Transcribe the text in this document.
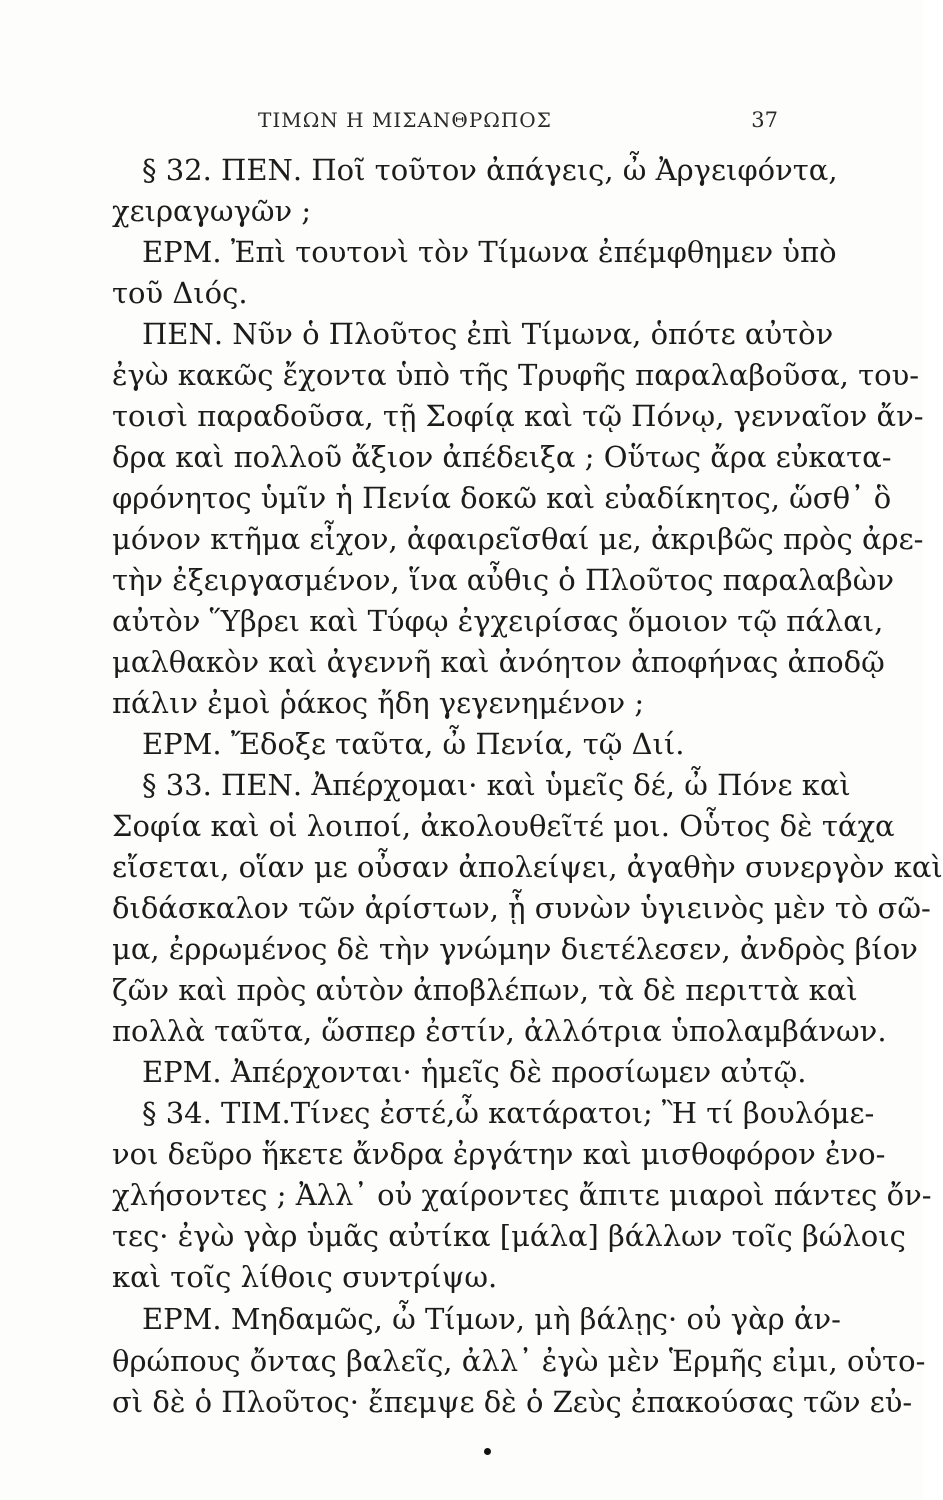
ΤΙΜΩΝ Η ΜΙΣΑΝΘΡΩΠΟΣ	37
§ 32. ΠΕΝ. Ποῖ τοῦτον ἀπάγεις, ὦ Ἀργειφόντα,
χειραγωγῶν ;
ΕΡΜ. Ἐπὶ τουτονὶ τὸν Τίμωνα ἐπέμφθημεν ὑπὸ
τοῦ Διός.
ΠΕΝ. Νῦν ὁ Πλοῦτος ἐπὶ Τίμωνα, ὁπότε αὐτὸν
ἐγὼ κακῶς ἔχοντα ὑπὸ τῆς Τρυφῆς παραλαβοῦσα, του-
τοισὶ παραδοῦσα, τῇ Σοφίᾳ καὶ τῷ Πόνῳ, γενναῖον ἄν-
δρα καὶ πολλοῦ ἄξιον ἀπέδειξα ; Οὕτως ἄρα εὐκατα-
φρόνητος ὑμῖν ἡ Πενία δοκῶ καὶ εὐαδίκητος, ὥσθ᾽ ὃ
μόνον κτῆμα εἶχον, ἀφαιρεῖσθαί με, ἀκριβῶς πρὸς ἀρε-
τὴν ἐξειργασμένον, ἵνα αὖθις ὁ Πλοῦτος παραλαβὼν
αὐτὸν Ὕβρει καὶ Τύφῳ ἐγχειρίσας ὅμοιον τῷ πάλαι,
μαλθακὸν καὶ ἀγεννῆ καὶ ἀνόητον ἀποφήνας ἀποδῷ
πάλιν ἐμοὶ ῥάκος ἤδη γεγενημένον ;
ΕΡΜ. Ἔδοξε ταῦτα, ὦ Πενία, τῷ Διί.
§ 33. ΠΕΝ. Ἀπέρχομαι· καὶ ὑμεῖς δέ, ὦ Πόνε καὶ
Σοφία καὶ οἱ λοιποί, ἀκολουθεῖτέ μοι. Οὗτος δὲ τάχα
εἴσεται, οἵαν με οὖσαν ἀπολείψει, ἀγαθὴν συνεργὸν καὶ
διδάσκαλον τῶν ἀρίστων, ᾗ συνὼν ὑγιεινὸς μὲν τὸ σῶ-
μα, ἐρρωμένος δὲ τὴν γνώμην διετέλεσεν, ἀνδρὸς βίον
ζῶν καὶ πρὸς αὑτὸν ἀποβλέπων, τὰ δὲ περιττὰ καὶ
πολλὰ ταῦτα, ὥσπερ ἐστίν, ἀλλότρια ὑπολαμβάνων.
ΕΡΜ. Ἀπέρχονται· ἡμεῖς δὲ προσίωμεν αὐτῷ.
§ 34. ΤΙΜ.Τίνες ἐστέ,ὦ κατάρατοι; Ἢ τί βουλόμε-
νοι δεῦρο ἥκετε ἄνδρα ἐργάτην καὶ μισθοφόρον ἐνο-
χλήσοντες ; Ἀλλ᾽ οὐ χαίροντες ἄπιτε μιαροὶ πάντες ὄν-
τες· ἐγὼ γὰρ ὑμᾶς αὐτίκα [μάλα] βάλλων τοῖς βώλοις
καὶ τοῖς λίθοις συντρίψω.
ΕΡΜ. Μηδαμῶς, ὦ Τίμων, μὴ βάλῃς· οὐ γὰρ ἀν-
θρώπους ὄντας βαλεῖς, ἀλλ᾽ ἐγὼ μὲν Ἑρμῆς εἰμι, οὑτο-
σὶ δὲ ὁ Πλοῦτος· ἔπεμψε δὲ ὁ Ζεὺς ἐπακούσας τῶν εὐ-
